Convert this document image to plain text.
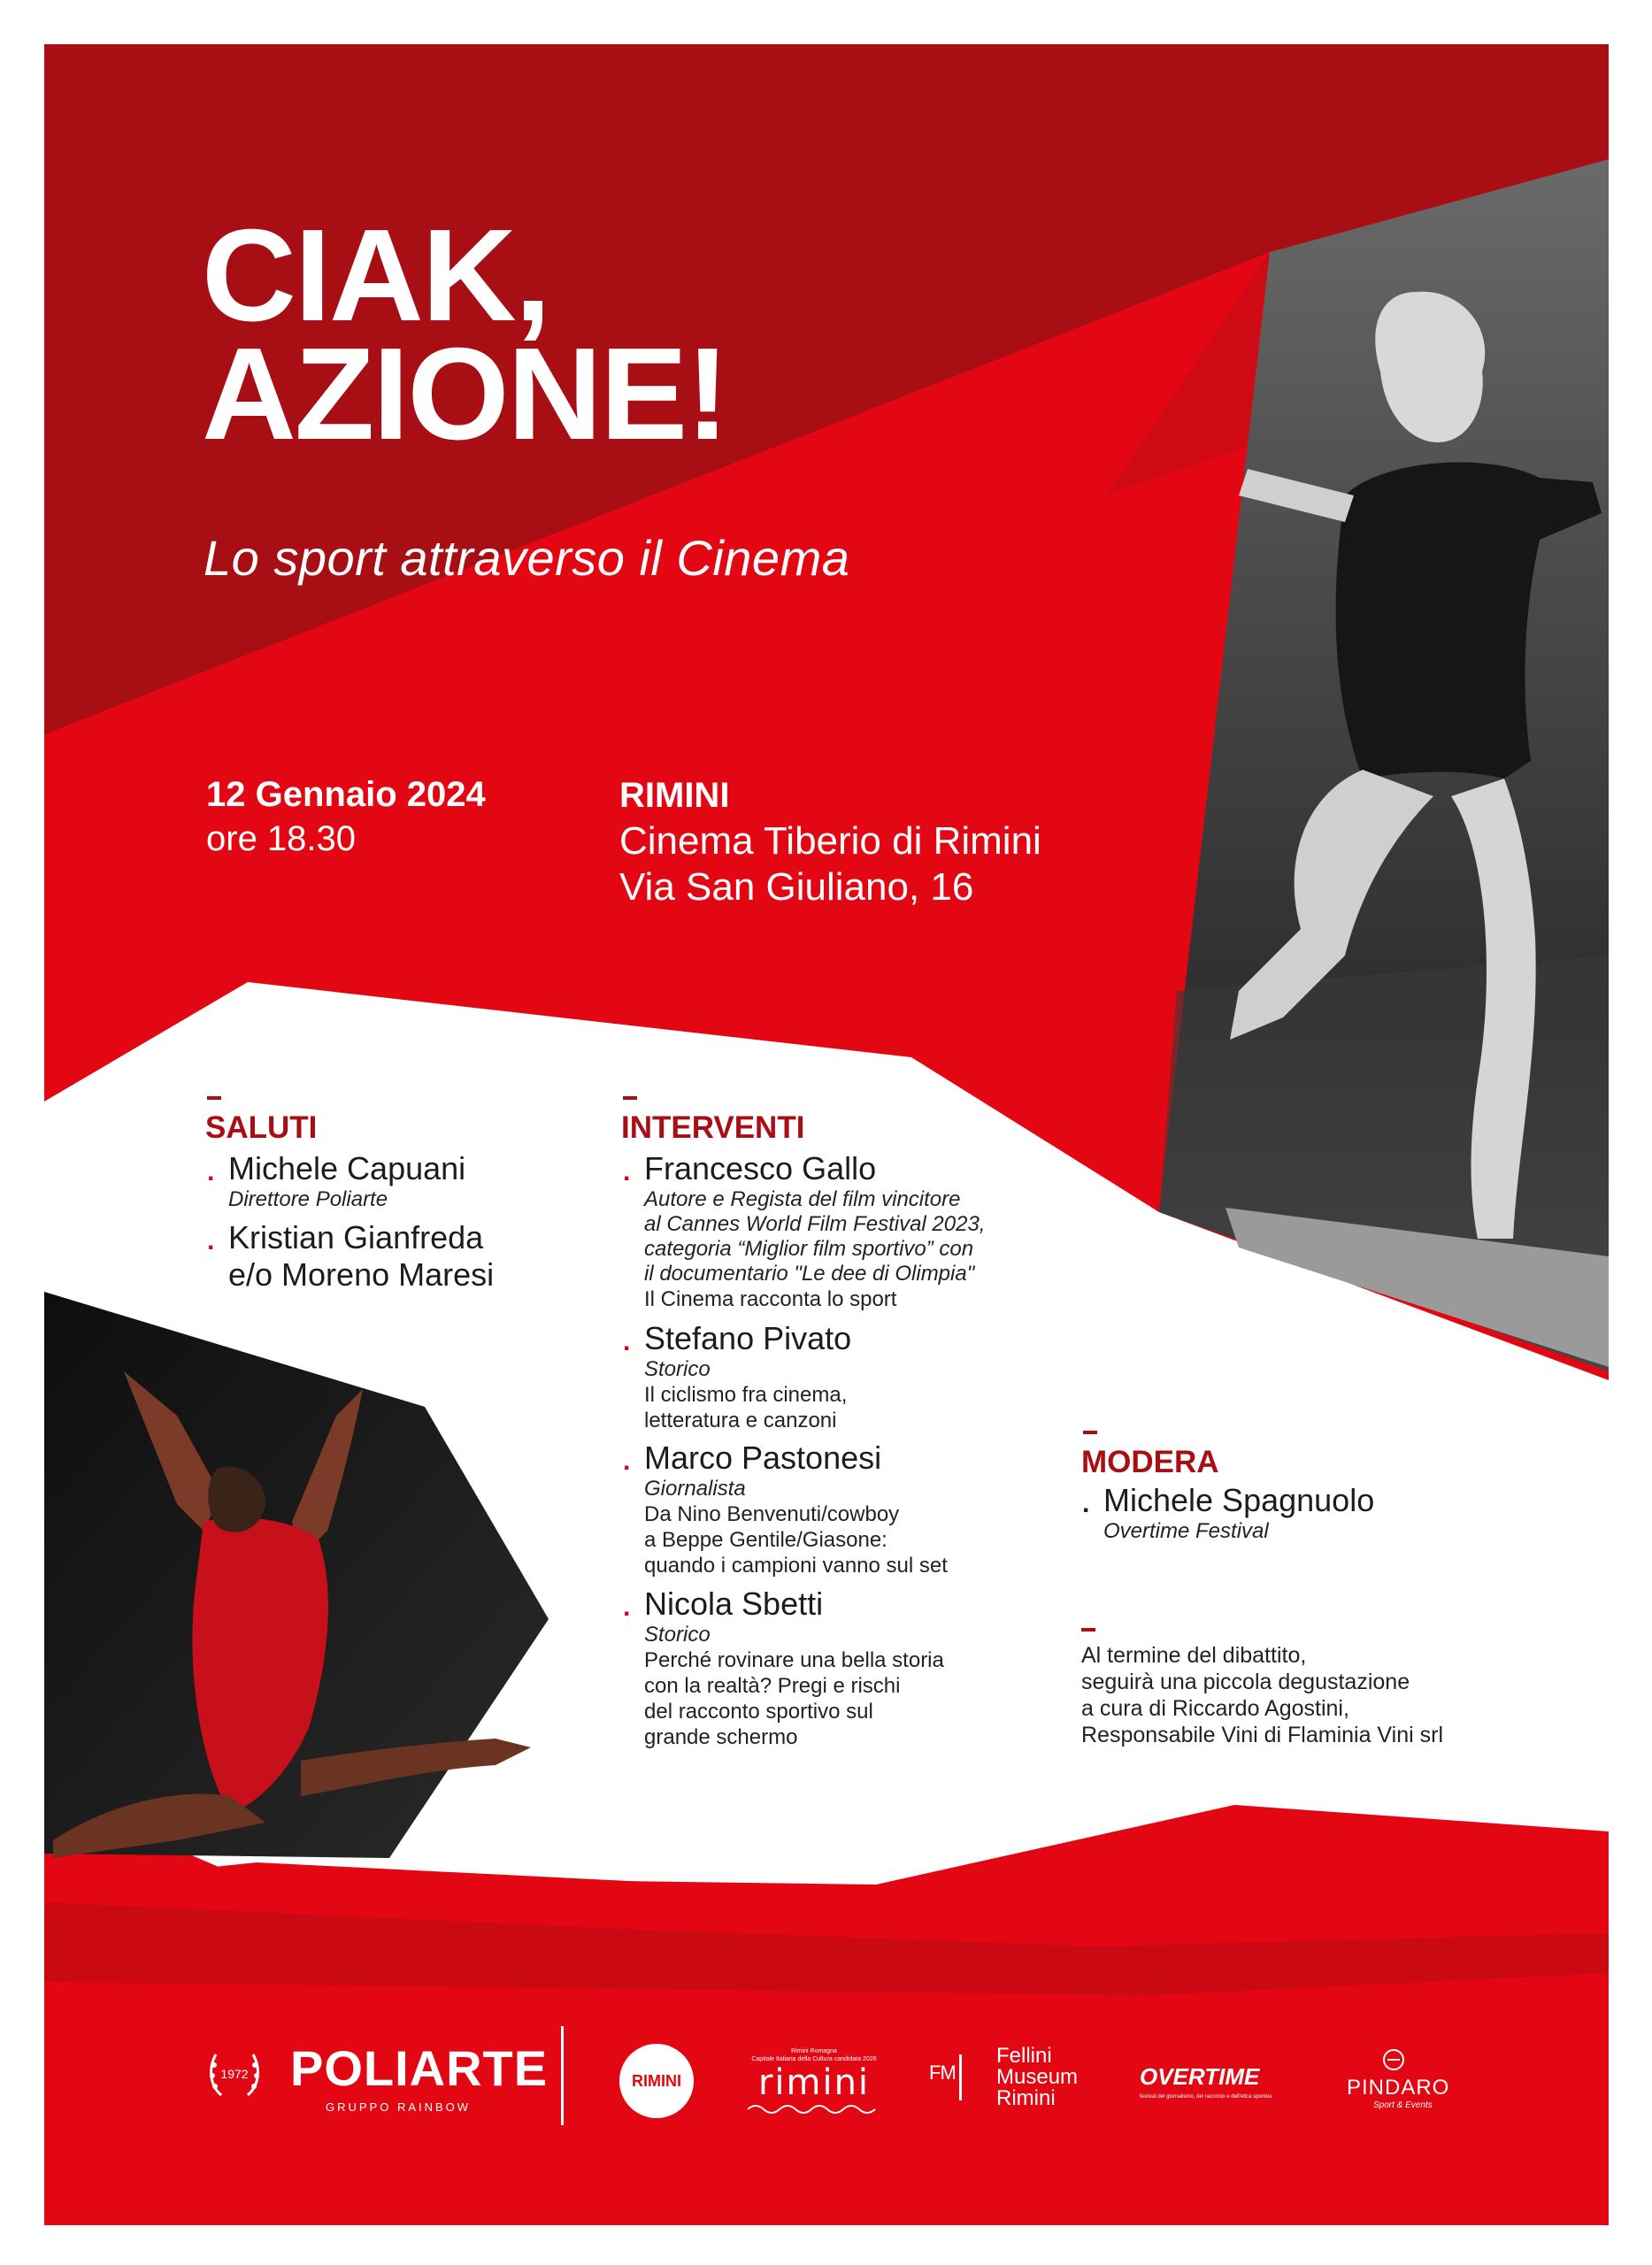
CIAK,
AZIONE!
Lo sport attraverso il Cinema
12 Gennaio 2024
ore 18.30
RIMINI
Cinema Tiberio di Rimini
Via San Giuliano, 16
SALUTI
. Michele Capuani
Direttore Poliarte
. Kristian Gianfreda
e/o Moreno Maresi
INTERVENTI
. Francesco Gallo
Autore e Regista del film vincitore
al Cannes World Film Festival 2023,
categoria “Miglior film sportivo” con
il documentario "Le dee di Olimpia"
Il Cinema racconta lo sport
. Stefano Pivato
Storico
Il ciclismo fra cinema,
letteratura e canzoni
. Marco Pastonesi
Giornalista
Da Nino Benvenuti/cowboy
a Beppe Gentile/Giasone:
quando i campioni vanno sul set
. Nicola Sbetti
Storico
Perché rovinare una bella storia
con la realtà? Pregi e rischi
del racconto sportivo sul
grande schermo
MODERA
. Michele Spagnuolo
Overtime Festival
Al termine del dibattito,
seguirà una piccola degustazione
a cura di Riccardo Agostini,
Responsabile Vini di Flaminia Vini srl
1972 POLIARTE
GRUPPO RAINBOW
RIMINI
Rimini Romagna
Capitale Italiana della Cultura candidata 2026
rimini	FM
Fellini
Museum
Rimini
OVERTIME
festival del giornalismo, del racconto e dell'etica sportiva	PINDARO
Sport & Events
